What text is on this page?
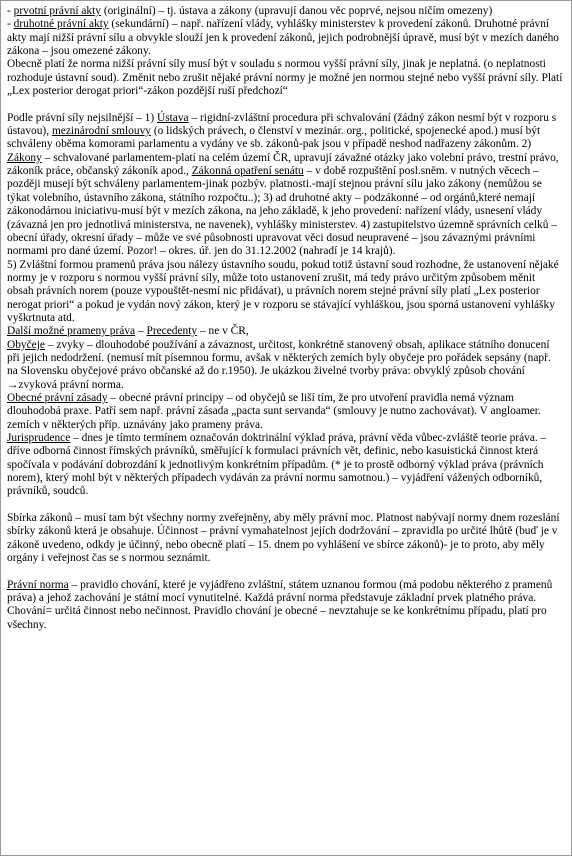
- prvotní právní akty (originální) – tj. ústava a zákony (upravují danou věc poprvé, nejsou ničím omezeny)

- druhotné právní akty (sekundární) – např. nařízení vlády, vyhlášky ministerstev k provedení zákonů. Druhotné právní akty mají nižší právní sílu a obvykle slouží jen k provedení zákonů, jejich podrobnější úpravě, musí být v mezích daného zákona – jsou omezené zákony.

Obecně platí že norma nižší právní síly musí být v souladu s normou vyšší právní síly, jinak je neplatná. (o neplatnosti rozhoduje ústavní soud). Změnit nebo zrušit nějaké právní normy je možné jen normou stejné nebo vyšší právní síly. Platí „Lex posterior derogat priori“-zákon pozdější ruší předchozí“

Podle právní síly nejsilnější – 1) Ústava – rigidní-zvláštní procedura při schvalování (žádný zákon nesmí být v rozporu s ústavou), mezinárodní smlouvy (o lidských právech, o členství v mezinár. org., politické, spojenecké apod.) musí být schváleny oběma komorami parlamentu a vydány ve sb. zákonů-pak jsou v případě neshod nadřazeny zákonům. 2) Zákony – schvalované parlamentem-platí na celém území ČR, upravují závažné otázky jako volební právo, trestní právo, zákoník práce, občanský zákoník apod., Zákonná opatření senátu – v době rozpuštění posl.sněm. v nutných věcech – později musejí být schváleny parlamentem-jinak pozbýv. platnosti.-mají stejnou právní sílu jako zákony (nemůžou se týkat volebního, ústavního zákona, státního rozpočtu..); 3) ad druhotné akty – podzákonné – od orgánů,které nemají zákonodárnou iniciativu-musí být v mezích zákona, na jeho základě, k jeho provedení: nařízení vlády, usnesení vlády (závazná jen pro jednotlivá ministerstva, ne navenek), vyhlášky ministerstev. 4) zastupitelstvo územně správních celků – obecní úřady, okresní úřady – může ve své působnosti upravovat věci dosud neupravené – jsou závaznými právními normami pro dané území. Pozor! – okres. úř. jen do 31.12.2002 (nahradí je 14 krajů).

5) Zvláštní formou pramenů práva jsou nálezy ústavního soudu, pokud totiž ústavní soud rozhodne, že ustanovení nějaké normy je v rozporu s normou vyšší právní síly, může toto ustanovení zrušit, má tedy právo určitým způsobem měnit obsah právních norem (pouze vypouštět-nesmí nic přidávat), u právních norem stejné právní síly platí „Lex posterior nerogat priori“ a pokud je vydán nový zákon, který je v rozporu se stávající vyhláškou, jsou sporná ustanovení vyhlášky vyškrtnuta atd.

Další možné prameny práva – Precedenty – ne v ČR,

Obyčeje – zvyky – dlouhodobé používání a závaznost, určitost, konkrétně stanovený obsah, aplikace státního donucení při jejich nedodržení. (nemusí mít písemnou formu, avšak v některých zemích byly obyčeje pro pořádek sepsány (např. na Slovensku obyčejové právo občanské až do r.1950). Je ukázkou živelné tvorby práva: obvyklý způsob chování →zvyková právní norma.

Obecné právní zásady – obecné právní principy – od obyčejů se liší tím, že pro utvoření pravidla nemá význam dlouhodobá praxe. Patří sem např. právní zásada „pacta sunt servanda“ (smlouvy je nutno zachovávat). V angloamer. zemích v některých příp. uznávány jako prameny práva.

Jurisprudence – dnes je tímto termínem označován doktrinální výklad práva, právní věda vůbec-zvláště teorie práva. – dříve odborná činnost římských právníků, směřující k formulaci právních vět, definic, nebo kasuistická činnost která spočívala v podávání dobrozdání k jednotlivým konkrétním případům. (* je to prostě odborný výklad práva (právních norem), který mohl být v některých případech vydáván za právní normu samotnou.) – vyjádření vážených odborníků, právníků, soudců.

Sbírka zákonů – musí tam být všechny normy zveřejněny, aby měly právní moc. Platnost nabývají normy dnem rozeslání sbírky zákonů která je obsahuje. Účinnost – právní vymahatelnost jejích dodržování – zpravidla po určité lhůtě (buď je v zákoně uvedeno, odkdy je účinný, nebo obecně platí – 15. dnem po vyhlášení ve sbírce zákonů)- je to proto, aby měly orgány i veřejnost čas se s normou seznámit.

Právní norma – pravidlo chování, které je vyjádřeno zvláštní, státem uznanou formou (má podobu některého z pramenů práva) a jehož zachování je státní mocí vynutitelné. Každá právní norma představuje základní prvek platného práva. Chování= určitá činnost nebo nečinnost. Pravidlo chování je obecné – nevztahuje se ke konkrétnímu případu, platí pro všechny.
